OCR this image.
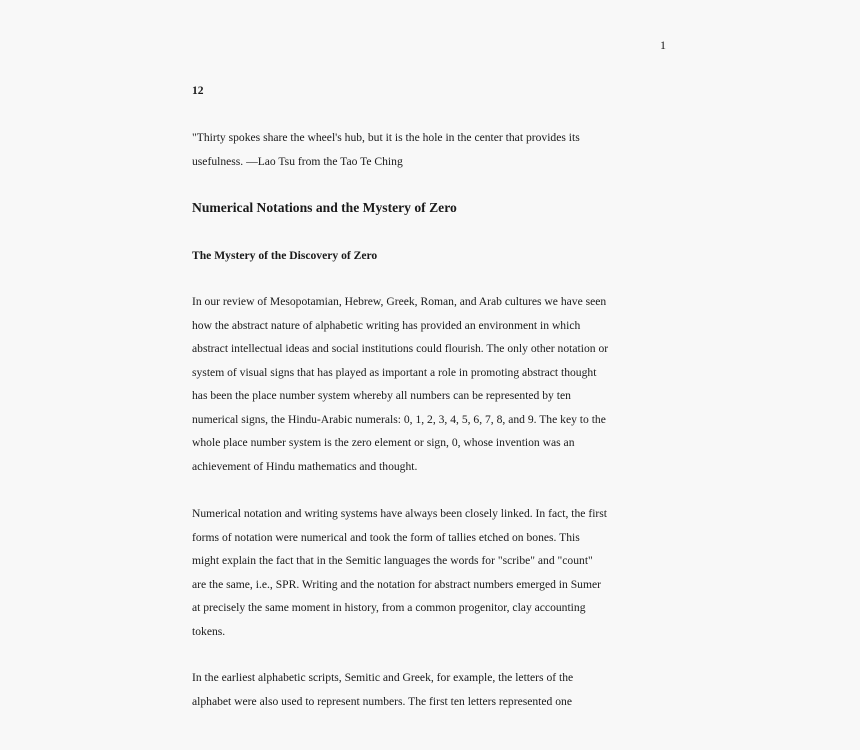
1
12
"Thirty spokes share the wheel's hub, but it is the hole in the center that provides its
usefulness. —Lao Tsu from the Tao Te Ching
Numerical Notations and the Mystery of Zero
The Mystery of the Discovery of Zero
In our review of Mesopotamian, Hebrew, Greek, Roman, and Arab cultures we have seen
how the abstract nature of alphabetic writing has provided an environment in which
abstract intellectual ideas and social institutions could flourish. The only other notation or
system of visual signs that has played as important a role in promoting abstract thought
has been the place number system whereby all numbers can be represented by ten
numerical signs, the Hindu-Arabic numerals: 0, 1, 2, 3, 4, 5, 6, 7, 8, and 9. The key to the
whole place number system is the zero element or sign, 0, whose invention was an
achievement of Hindu mathematics and thought.
Numerical notation and writing systems have always been closely linked. In fact, the first
forms of notation were numerical and took the form of tallies etched on bones. This
might explain the fact that in the Semitic languages the words for "scribe" and "count"
are the same, i.e., SPR. Writing and the notation for abstract numbers emerged in Sumer
at precisely the same moment in history, from a common progenitor, clay accounting
tokens.
In the earliest alphabetic scripts, Semitic and Greek, for example, the letters of the
alphabet were also used to represent numbers. The first ten letters represented one
